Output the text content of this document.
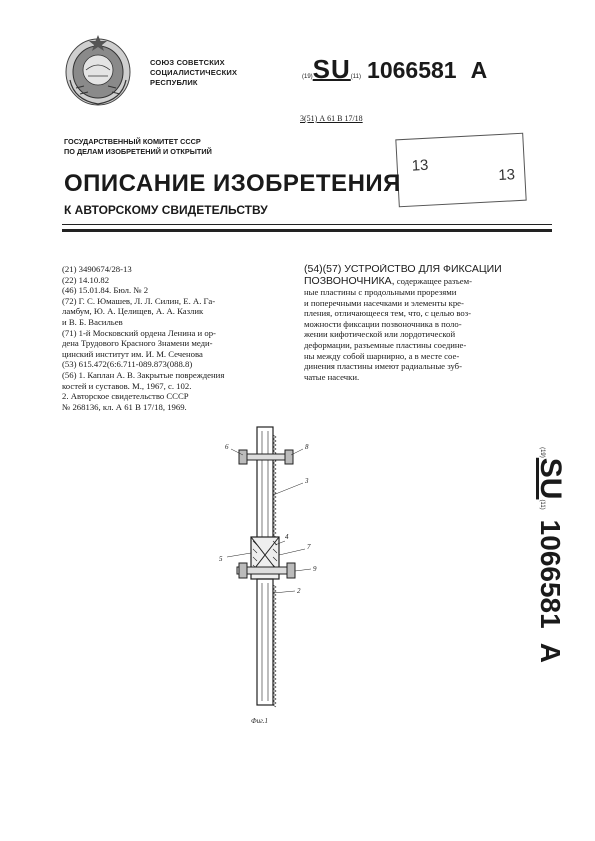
СОЮЗ СОВЕТСКИХ
СОЦИАЛИСТИЧЕСКИХ
РЕСПУБЛИК
(19)SU(11) 1066581 A
3(51) А 61 В 17/18
ГОСУДАРСТВЕННЫЙ КОМИТЕТ СССР
ПО ДЕЛАМ ИЗОБРЕТЕНИЙ И ОТКРЫТИЙ
13
13
ОПИСАНИЕ ИЗОБРЕТЕНИЯ
К АВТОРСКОМУ СВИДЕТЕЛЬСТВУ
(21) 3490674/28-13
(22) 14.10.82
(46) 15.01.84. Бюл. № 2
(72) Г. С. Юмашев, Л. Л. Силин, Е. А. Га-
ламбум, Ю. А. Целищев, А. А. Казлик
и В. Б. Васильев
(71) 1-й Московский ордена Ленина и ор-
дена Трудового Красного Знамени меди-
цинский институт им. И. М. Сеченова
(53) 615.472(6:6.711-089.873(088.8)
(56) 1. Каплан А. В. Закрытые повреждения
костей и суставов. М., 1967, с. 102.
2. Авторское свидетельство СССР
№ 268136, кл. А 61 В 17/18, 1969.
(54)(57) УСТРОЙСТВО ДЛЯ ФИКСАЦИИ
ПОЗВОНОЧНИКА, содержащее разъем-
ные пластины с продольными прорезями
и поперечными насечками и элементы кре-
пления, отличающееся тем, что, с целью воз-
можности фиксации позвоночника в поло-
жении кифотической или лордотической
деформации, разъемные пластины соедине-
ны между собой шарнирно, а в месте сое-
динения пластины имеют радиальные зуб-
чатые насечки.
(19)SU(11)1066581A
6	8
3
5
4
7
9
2
Фиг.1
